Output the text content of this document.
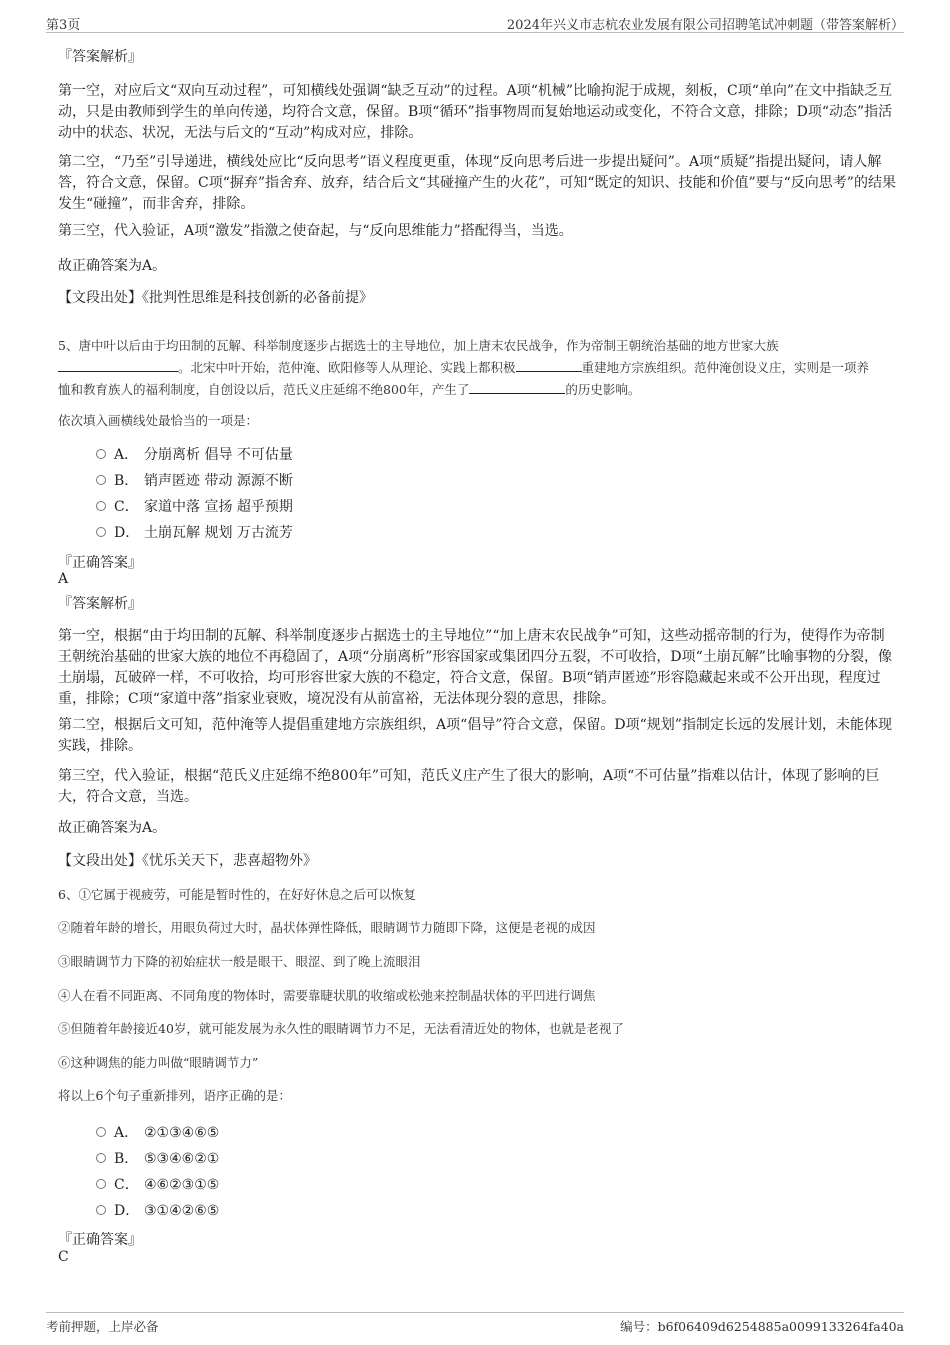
第3页	2024年兴义市志杭农业发展有限公司招聘笔试冲刺题（带答案解析）
『答案解析』
第一空，对应后文“双向互动过程”，可知横线处强调“缺乏互动”的过程。A项“机械”比喻拘泥于成规，刻板，C项“单向”在文中指缺乏互动，只是由教师到学生的单向传递，均符合文意，保留。B项“循环”指事物周而复始地运动或变化，不符合文意，排除；D项“动态”指活动中的状态、状况，无法与后文的“互动”构成对应，排除。
第二空，“乃至”引导递进，横线处应比“反向思考”语义程度更重，体现“反向思考后进一步提出疑问”。A项“质疑”指提出疑问，请人解答，符合文意，保留。C项“摒弃”指舍弃、放弃，结合后文“其碰撞产生的火花”，可知“既定的知识、技能和价值”要与“反向思考”的结果发生“碰撞”，而非舍弃，排除。
第三空，代入验证，A项“激发”指激之使奋起，与“反向思维能力”搭配得当，当选。
故正确答案为A。
【文段出处】《批判性思维是科技创新的必备前提》
5、唐中叶以后由于均田制的瓦解、科举制度逐步占据选士的主导地位，加上唐末农民战争，作为帝制王朝统治基础的地方世家大族
。北宋中叶开始，范仲淹、欧阳修等人从理论、实践上都积极	重建地方宗族组织。范仲淹创设义庄，实则是一项养
恤和教育族人的福利制度，自创设以后，范氏义庄延绵不绝800年，产生了	的历史影响。
依次填入画横线处最恰当的一项是：
A． 分崩离析 倡导 不可估量
B． 销声匿迹 带动 源源不断
C． 家道中落 宣扬 超乎预期
D． 土崩瓦解 规划 万古流芳
『正确答案』
A
『答案解析』
第一空，根据“由于均田制的瓦解、科举制度逐步占据选士的主导地位”“加上唐末农民战争”可知，这些动摇帝制的行为，使得作为帝制王朝统治基础的世家大族的地位不再稳固了，A项“分崩离析”形容国家或集团四分五裂，不可收拾，D项“土崩瓦解”比喻事物的分裂，像土崩塌，瓦破碎一样，不可收拾，均可形容世家大族的不稳定，符合文意，保留。B项“销声匿迹”形容隐藏起来或不公开出现，程度过重，排除；C项“家道中落”指家业衰败，境况没有从前富裕，无法体现分裂的意思，排除。
第二空，根据后文可知，范仲淹等人提倡重建地方宗族组织，A项“倡导”符合文意，保留。D项“规划”指制定长远的发展计划，未能体现实践，排除。
第三空，代入验证，根据“范氏义庄延绵不绝800年”可知，范氏义庄产生了很大的影响，A项“不可估量”指难以估计，体现了影响的巨大，符合文意，当选。
故正确答案为A。
【文段出处】《忧乐关天下，悲喜超物外》
6、①它属于视疲劳，可能是暂时性的，在好好休息之后可以恢复
②随着年龄的增长，用眼负荷过大时，晶状体弹性降低，眼睛调节力随即下降，这便是老视的成因
③眼睛调节力下降的初始症状一般是眼干、眼涩、到了晚上流眼泪
④人在看不同距离、不同角度的物体时，需要靠睫状肌的收缩或松弛来控制晶状体的平凹进行调焦
⑤但随着年龄接近40岁，就可能发展为永久性的眼睛调节力不足，无法看清近处的物体，也就是老视了
⑥这种调焦的能力叫做“眼睛调节力”
将以上6个句子重新排列，语序正确的是：
A． ②①③④⑥⑤
B． ⑤③④⑥②①
C． ④⑥②③①⑤
D． ③①④②⑥⑤
『正确答案』
C
考前押题，上岸必备	编号：b6f06409d6254885a0099133264fa40a
